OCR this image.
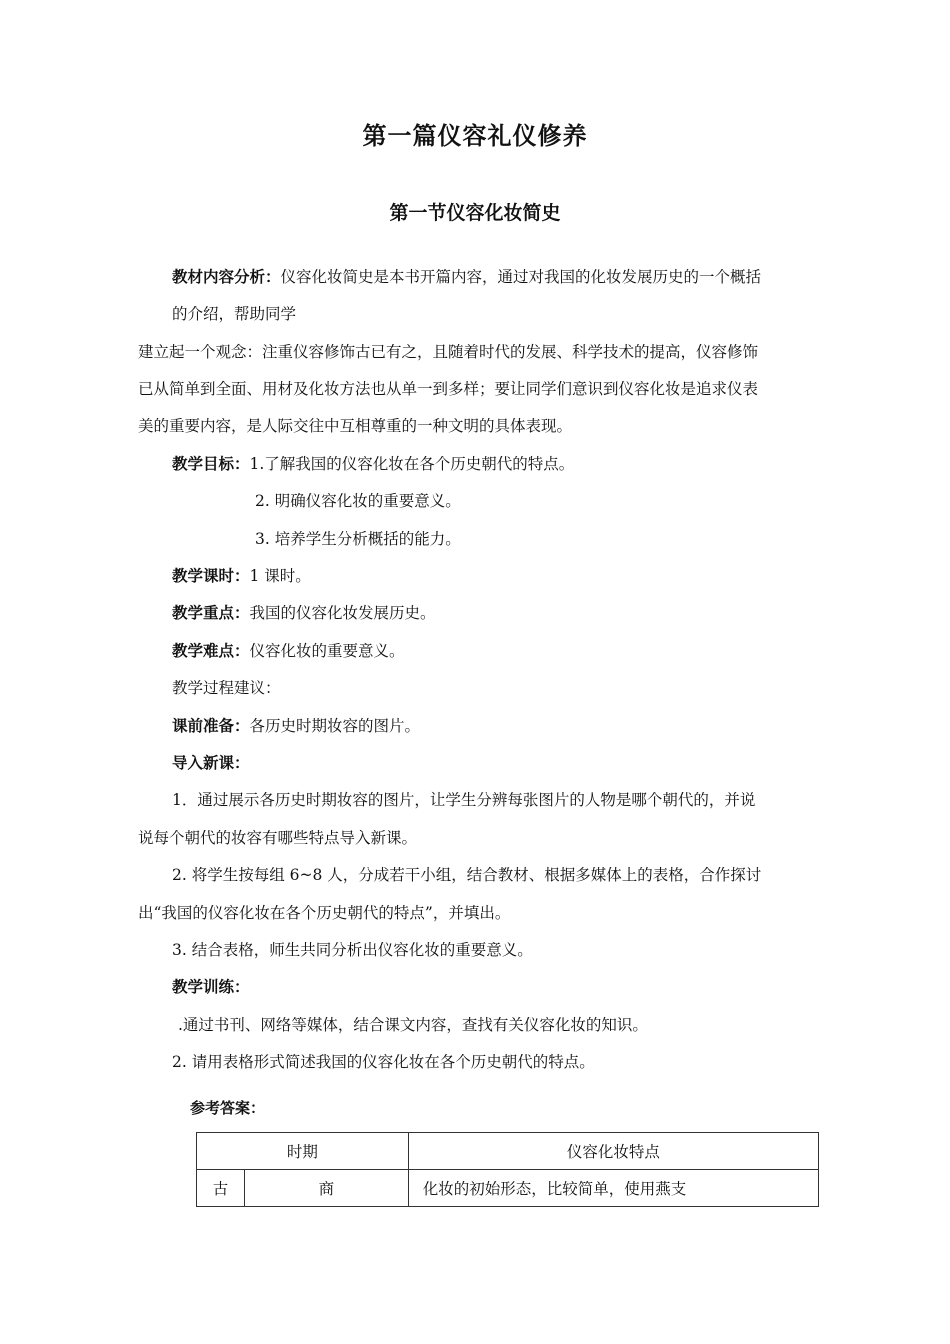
第一篇仪容礼仪修养
第一节仪容化妆简史
教材内容分析：仪容化妆简史是本书开篇内容，通过对我国的化妆发展历史的一个概括
的介绍，帮助同学
建立起一个观念：注重仪容修饰古已有之，且随着时代的发展、科学技术的提高，仪容修饰
已从简单到全面、用材及化妆方法也从单一到多样；要让同学们意识到仪容化妆是追求仪表
美的重要内容，是人际交往中互相尊重的一种文明的具体表现。
教学目标：1.了解我国的仪容化妆在各个历史朝代的特点。
2. 明确仪容化妆的重要意义。
3. 培养学生分析概括的能力。
教学课时：1 课时。
教学重点：我国的仪容化妆发展历史。
教学难点：仪容化妆的重要意义。
教学过程建议：
课前准备：各历史时期妆容的图片。
导入新课：
1．通过展示各历史时期妆容的图片，让学生分辨每张图片的人物是哪个朝代的，并说
说每个朝代的妆容有哪些特点导入新课。
2. 将学生按每组 6~8 人，分成若干小组，结合教材、根据多媒体上的表格，合作探讨
出“我国的仪容化妆在各个历史朝代的特点”，并填出。
3. 结合表格，师生共同分析出仪容化妆的重要意义。
教学训练：
.通过书刊、网络等媒体，结合课文内容，查找有关仪容化妆的知识。
2. 请用表格形式简述我国的仪容化妆在各个历史朝代的特点。
参考答案：
时期		仪容化妆特点
古	商	化妆的初始形态，比较简单，使用燕支
